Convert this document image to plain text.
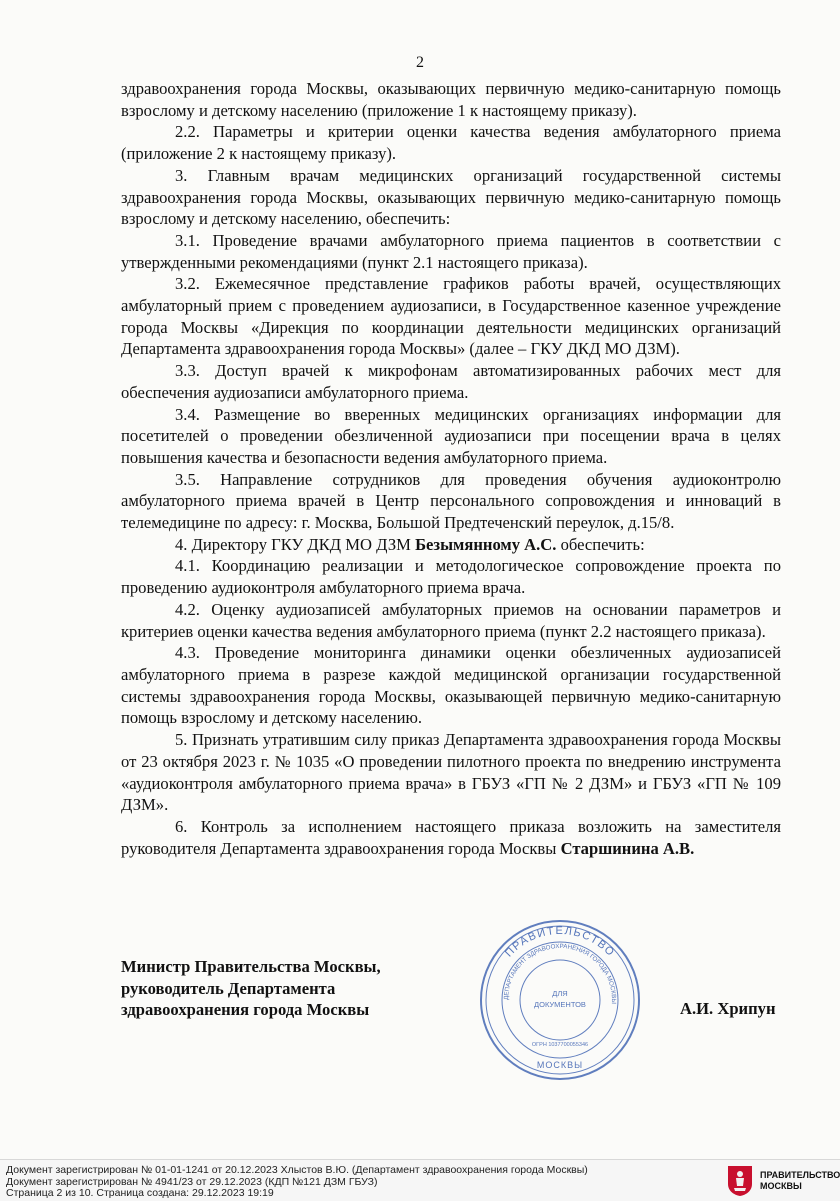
2

здравоохранения города Москвы, оказывающих первичную медико-санитарную помощь взрослому и детскому населению (приложение 1 к настоящему приказу).

2.2. Параметры и критерии оценки качества ведения амбулаторного приема (приложение 2 к настоящему приказу).

3. Главным врачам медицинских организаций государственной системы здравоохранения города Москвы, оказывающих первичную медико-санитарную помощь взрослому и детскому населению, обеспечить:

3.1. Проведение врачами амбулаторного приема пациентов в соответствии с утвержденными рекомендациями (пункт 2.1 настоящего приказа).

3.2. Ежемесячное представление графиков работы врачей, осуществляющих амбулаторный прием с проведением аудиозаписи, в Государственное казенное учреждение города Москвы «Дирекция по координации деятельности медицинских организаций Департамента здравоохранения города Москвы» (далее – ГКУ ДКД МО ДЗМ).

3.3. Доступ врачей к микрофонам автоматизированных рабочих мест для обеспечения аудиозаписи амбулаторного приема.

3.4. Размещение во вверенных медицинских организациях информации для посетителей о проведении обезличенной аудиозаписи при посещении врача в целях повышения качества и безопасности ведения амбулаторного приема.

3.5. Направление сотрудников для проведения обучения аудиоконтролю амбулаторного приема врачей в Центр персонального сопровождения и инноваций в телемедицине по адресу: г. Москва, Большой Предтеченский переулок, д.15/8.

4. Директору ГКУ ДКД МО ДЗМ Безымянному А.С. обеспечить:

4.1. Координацию реализации и методологическое сопровождение проекта по проведению аудиоконтроля амбулаторного приема врача.

4.2. Оценку аудиозаписей амбулаторных приемов на основании параметров и критериев оценки качества ведения амбулаторного приема (пункт 2.2 настоящего приказа).

4.3. Проведение мониторинга динамики оценки обезличенных аудиозаписей амбулаторного приема в разрезе каждой медицинской организации государственной системы здравоохранения города Москвы, оказывающей первичную медико-санитарную помощь взрослому и детскому населению.

5. Признать утратившим силу приказ Департамента здравоохранения города Москвы от 23 октября 2023 г. № 1035 «О проведении пилотного проекта по внедрению инструмента «аудиоконтроля амбулаторного приема врача» в ГБУЗ «ГП № 2 ДЗМ» и ГБУЗ «ГП № 109 ДЗМ».

6. Контроль за исполнением настоящего приказа возложить на заместителя руководителя Департамента здравоохранения города Москвы Старшинина А.В.

Министр Правительства Москвы,
руководитель Департамента
здравоохранения города Москвы
ПРАВИТЕЛЬСТВО
ДЕПАРТАМЕНТ ЗДРАВООХРАНЕНИЯ ГОРОДА МОСКВЫ
ДЛЯ
ДОКУМЕНТОВ
ОГРН 1037700055346
МОСКВЫ
А.И. Хрипун
Документ зарегистрирован № 01-01-1241 от 20.12.2023 Хлыстов В.Ю. (Департамент здравоохранения города Москвы)
Документ зарегистрирован № 4941/23 от 29.12.2023 (КДП №121 ДЗМ ГБУЗ)
Страница 2 из 10. Страница создана: 29.12.2023 19:19
ПРАВИТЕЛЬСТВО
МОСКВЫ
